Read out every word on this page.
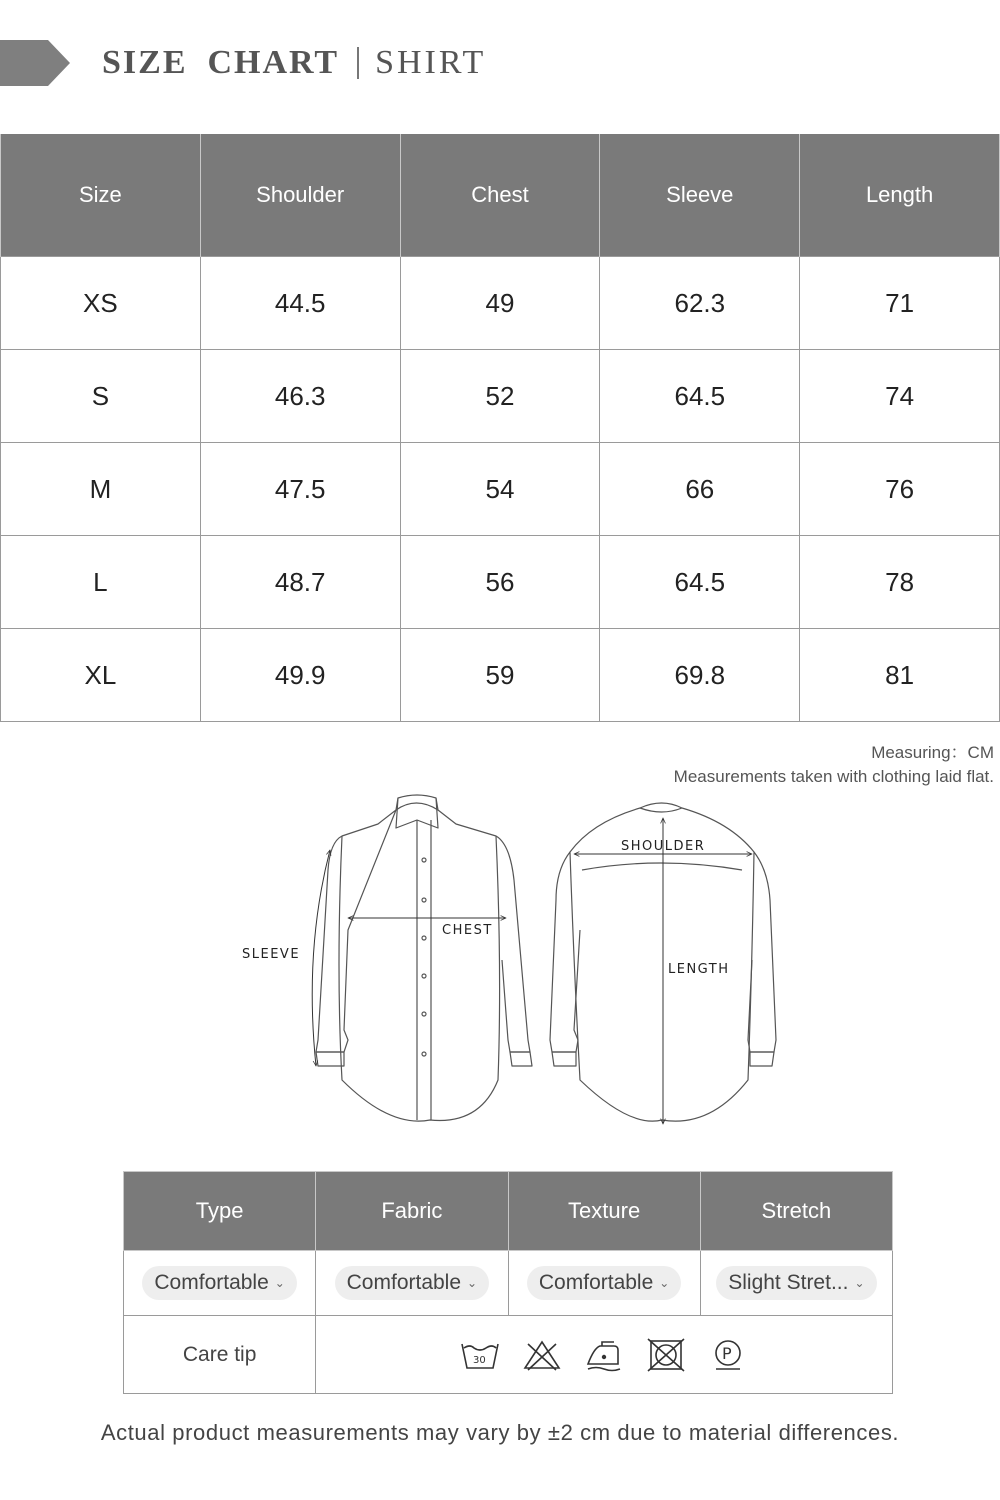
SIZE CHART SHIRT
Size	Shoulder	Chest	Sleeve	Length
XS	44.5	49	62.3	71
S	46.3	52	64.5	74
M	47.5	54	66	76
L	48.7	56	64.5	78
XL	49.9	59	69.8	81
Measuring：CM
Measurements taken with clothing laid flat.
SLEEVE
CHEST
SHOULDER
LENGTH
Type	Fabric	Texture	Stretch

Comfortable ⌄	Comfortable ⌄	Comfortable ⌄	Slight Stret... ⌄

Care tip	30 P		
Actual product measurements may vary by ±2 cm due to material differences.
